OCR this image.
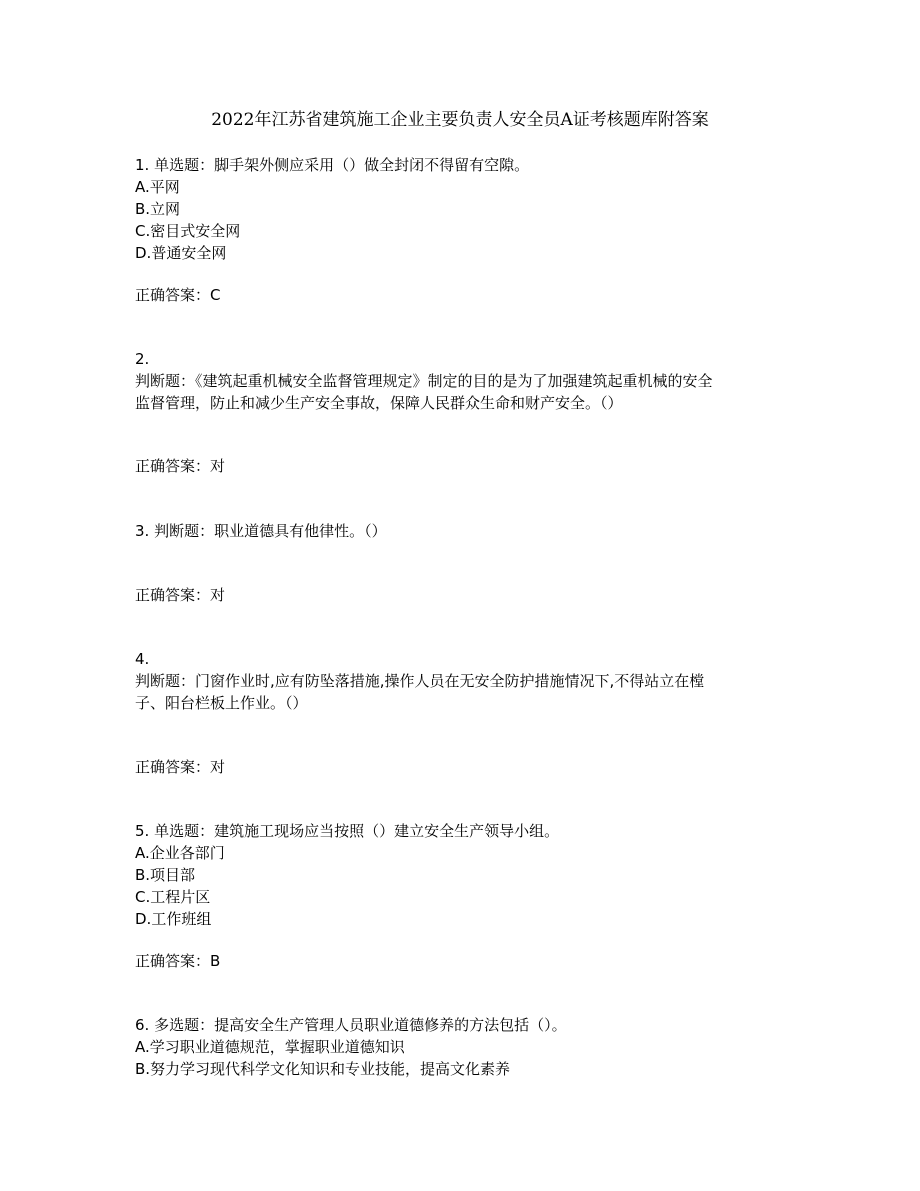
2022年江苏省建筑施工企业主要负责人安全员A证考核题库附答案
1. 单选题：脚手架外侧应采用（）做全封闭不得留有空隙。
A.平网
B.立网
C.密目式安全网
D.普通安全网
正确答案：C
2.
判断题：《建筑起重机械安全监督管理规定》制定的目的是为了加强建筑起重机械的安全
监督管理，防止和减少生产安全事故，保障人民群众生命和财产安全。（）
正确答案：对
3. 判断题：职业道德具有他律性。（）
正确答案：对
4.
判断题：门窗作业时,应有防坠落措施,操作人员在无安全防护措施情况下,不得站立在樘
子、阳台栏板上作业。（）
正确答案：对
5. 单选题：建筑施工现场应当按照（）建立安全生产领导小组。
A.企业各部门
B.项目部
C.工程片区
D.工作班组
正确答案：B
6. 多选题：提高安全生产管理人员职业道德修养的方法包括（）。
A.学习职业道德规范，掌握职业道德知识
B.努力学习现代科学文化知识和专业技能，提高文化素养
